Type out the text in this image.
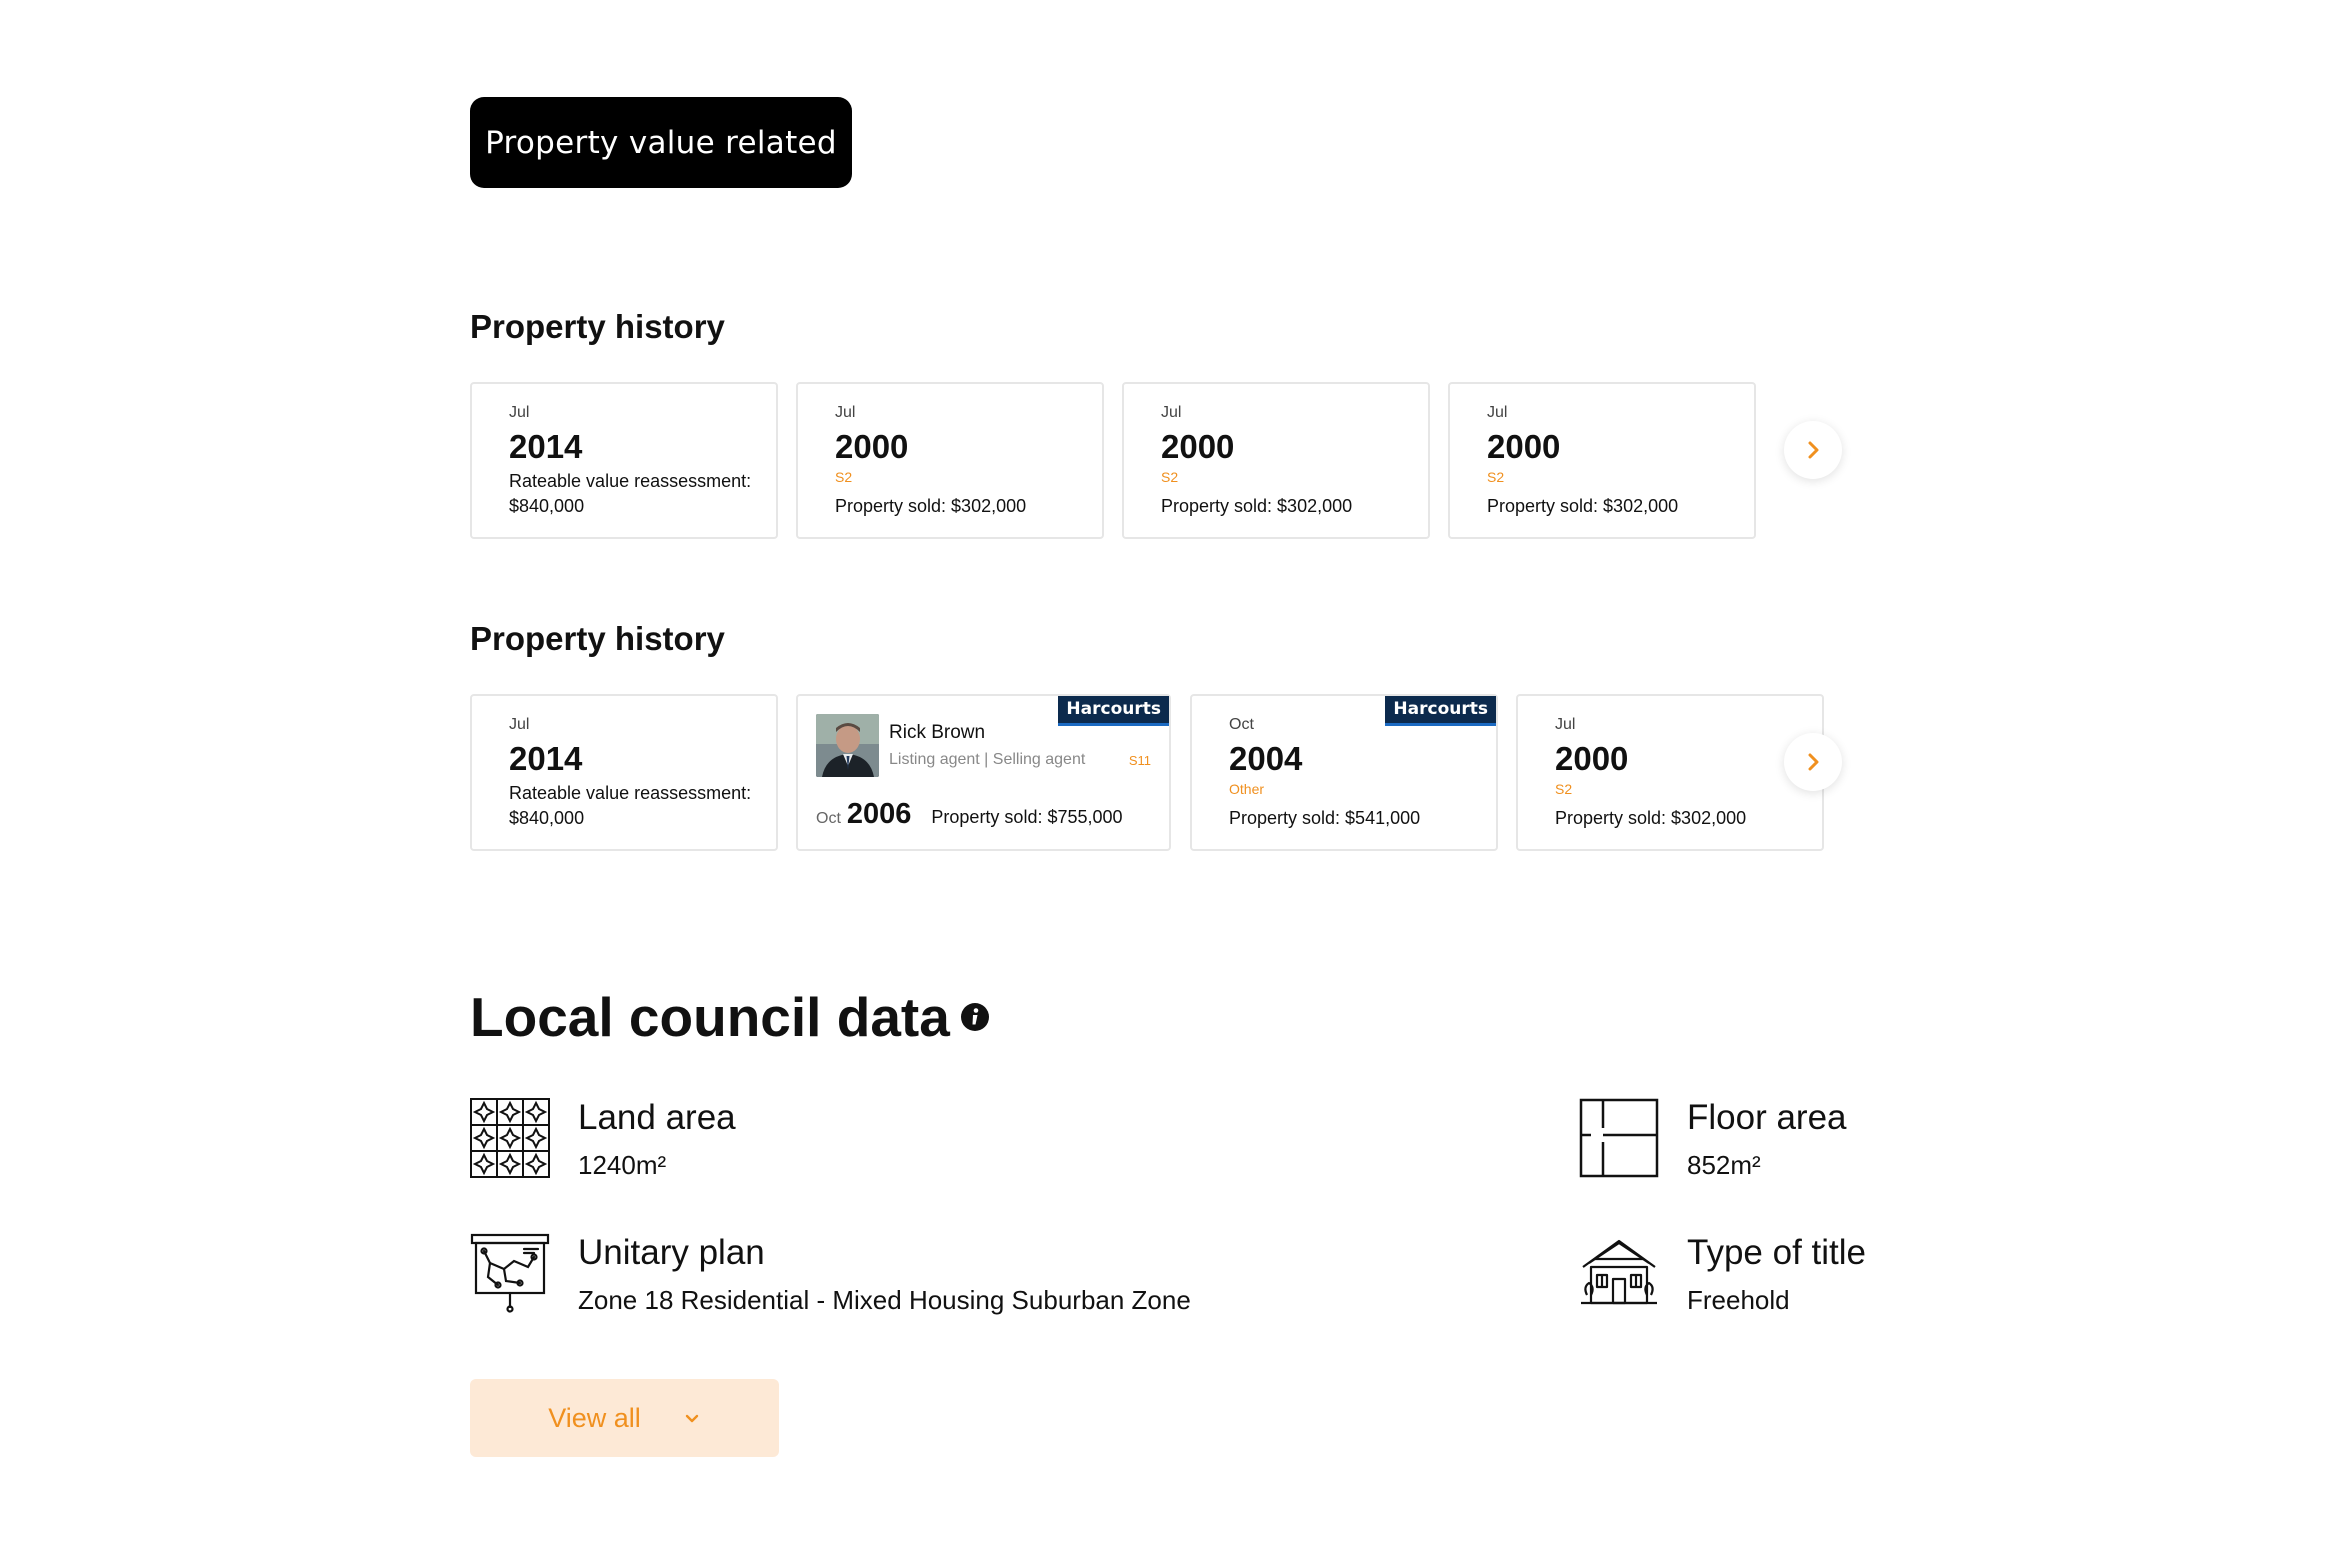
Property value related
Property history
Jul
2014
Rateable value reassessment: $840,000
Jul
2000
S2
Property sold: $302,000
Jul
2000
S2
Property sold: $302,000
Jul
2000
S2
Property sold: $302,000
Property history
Jul
2014
Rateable value reassessment: $840,000
Harcourts
Rick Brown
Listing agent | Selling agent	S11
Oct 2006 Property sold: $755,000
Harcourts
Oct
2004
Other
Property sold: $541,000
Jul
2000
S2
Property sold: $302,000
Local council data
Land area
1240m²
Floor area
852m²
Unitary plan
Zone 18 Residential - Mixed Housing Suburban Zone
Type of title
Freehold
View all
